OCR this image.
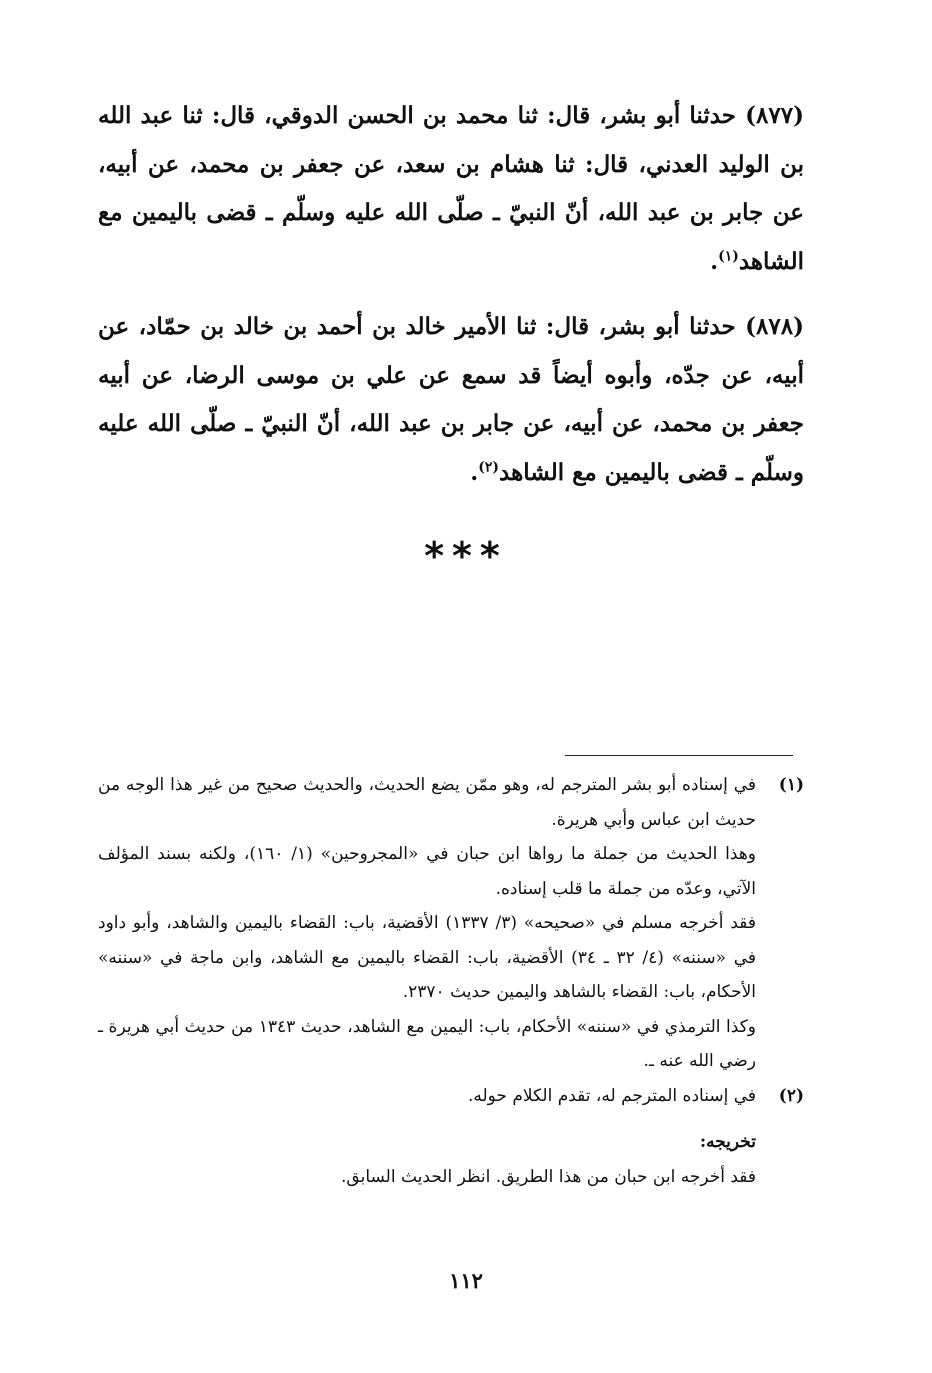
(٨٧٧) حدثنا أبو بشر، قال: ثنا محمد بن الحسن الدوقي، قال: ثنا عبد الله بن الوليد العدني، قال: ثنا هشام بن سعد، عن جعفر بن محمد، عن أبيه، عن جابر بن عبد الله، أنّ النبيّ ـ صلّى الله عليه وسلّم ـ قضى باليمين مع الشاهد$^{(١)}$.

(٨٧٨) حدثنا أبو بشر، قال: ثنا الأمير خالد بن أحمد بن خالد بن حمّاد، عن أبيه، عن جدّه، وأبوه أيضاً قد سمع عن علي بن موسى الرضا، عن أبيه جعفر بن محمد، عن أبيه، عن جابر بن عبد الله، أنّ النبيّ ـ صلّى الله عليه وسلّم ـ قضى باليمين مع الشاهد$^{(٢)}$.

***
(١)

في إسناده أبو بشر المترجم له، وهو ممّن يضع الحديث، والحديث صحيح من غير هذا الوجه من حديث ابن عباس وأبي هريرة.

وهذا الحديث من جملة ما رواها ابن حبان في «المجروحين» (١/ ١٦٠)، ولكنه بسند المؤلف الآتي، وعدّه من جملة ما قلب إسناده.

فقد أخرجه مسلم في «صحيحه» (٣/ ١٣٣٧) الأقضية، باب: القضاء باليمين والشاهد، وأبو داود في «سننه» (٤/ ٣٢ ـ ٣٤) الأقضية، باب: القضاء باليمين مع الشاهد، وابن ماجة في «سننه» الأحكام، باب: القضاء بالشاهد واليمين حديث ٢٣٧٠.

وكذا الترمذي في «سننه» الأحكام، باب: اليمين مع الشاهد، حديث ١٣٤٣ من حديث أبي هريرة ـ رضي الله عنه ـ.

(٢)

في إسناده المترجم له، تقدم الكلام حوله.

تخريجه:

فقد أخرجه ابن حبان من هذا الطريق. انظر الحديث السابق.

١١٢
